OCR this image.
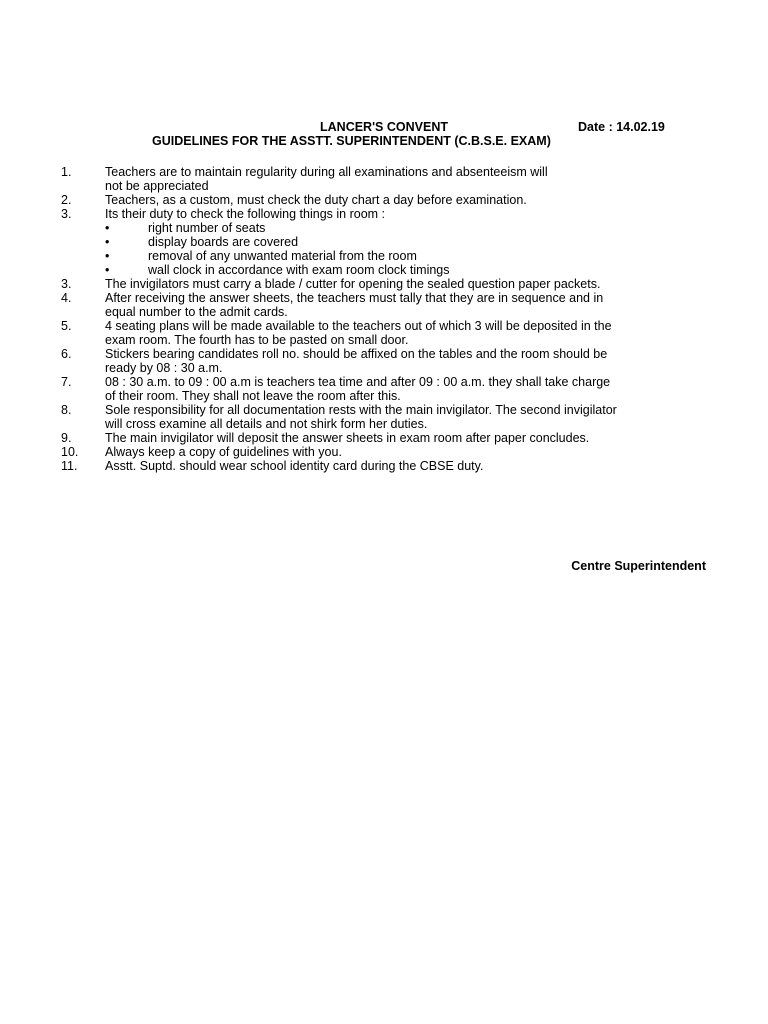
LANCER'S CONVENT	Date : 14.02.19
GUIDELINES FOR THE ASSTT. SUPERINTENDENT (C.B.S.E. EXAM)
1.	Teachers are to maintain regularity during all examinations and absenteeism will
not be appreciated
2.	Teachers, as a custom, must check the duty chart a day before examination.
3.	Its their duty to check the following things in room :
•	right number of seats
•	display boards are covered
•	removal of any unwanted material from the room
•	wall clock in accordance with exam room clock timings
3.	The invigilators must carry a blade / cutter for opening the sealed question paper packets.
4.	After receiving the answer sheets, the teachers must tally that they are in sequence and in
equal number to the admit cards.
5.	4 seating plans will be made available to the teachers out of which 3 will be deposited in the
exam room. The fourth has to be pasted on small door.
6.	Stickers bearing candidates roll no. should be affixed on the tables and the room should be
ready by 08 : 30 a.m.
7.	08 : 30 a.m. to 09 : 00 a.m is teachers tea time and after 09 : 00 a.m. they shall take charge
of their room. They shall not leave the room after this.
8.	Sole responsibility for all documentation rests with the main invigilator. The second invigilator
will cross examine all details and not shirk form her duties.
9.	The main invigilator will deposit the answer sheets in exam room after paper concludes.
10. Always keep a copy of guidelines with you.
11. Asstt. Suptd. should wear school identity card during the CBSE duty.
Centre Superintendent
